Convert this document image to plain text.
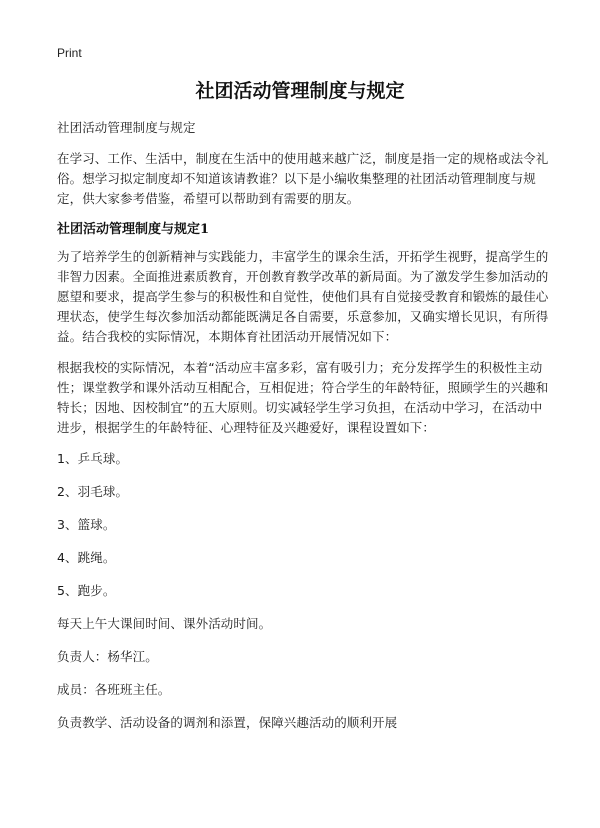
Print
社团活动管理制度与规定

社团活动管理制度与规定

在学习、工作、生活中，制度在生活中的使用越来越广泛，制度是指一定的规格或法令礼俗。想学习拟定制度却不知道该请教谁？以下是小编收集整理的社团活动管理制度与规定，供大家参考借鉴，希望可以帮助到有需要的朋友。

社团活动管理制度与规定1

为了培养学生的创新精神与实践能力，丰富学生的课余生活，开拓学生视野，提高学生的非智力因素。全面推进素质教育，开创教育教学改革的新局面。为了激发学生参加活动的愿望和要求，提高学生参与的积极性和自觉性，使他们具有自觉接受教育和锻炼的最佳心理状态，使学生每次参加活动都能既满足各自需要，乐意参加，又确实增长见识，有所得益。结合我校的实际情况，本期体育社团活动开展情况如下：

根据我校的实际情况，本着“活动应丰富多彩，富有吸引力；充分发挥学生的积极性主动性；课堂教学和课外活动互相配合，互相促进；符合学生的年龄特征，照顾学生的兴趣和特长；因地、因校制宜”的五大原则。切实减轻学生学习负担，在活动中学习，在活动中进步，根据学生的年龄特征、心理特征及兴趣爱好，课程设置如下：

1、乒乓球。

2、羽毛球。

3、篮球。

4、跳绳。

5、跑步。

每天上午大课间时间、课外活动时间。

负责人：杨华江。

成员：各班班主任。

负责教学、活动设备的调剂和添置，保障兴趣活动的顺利开展
